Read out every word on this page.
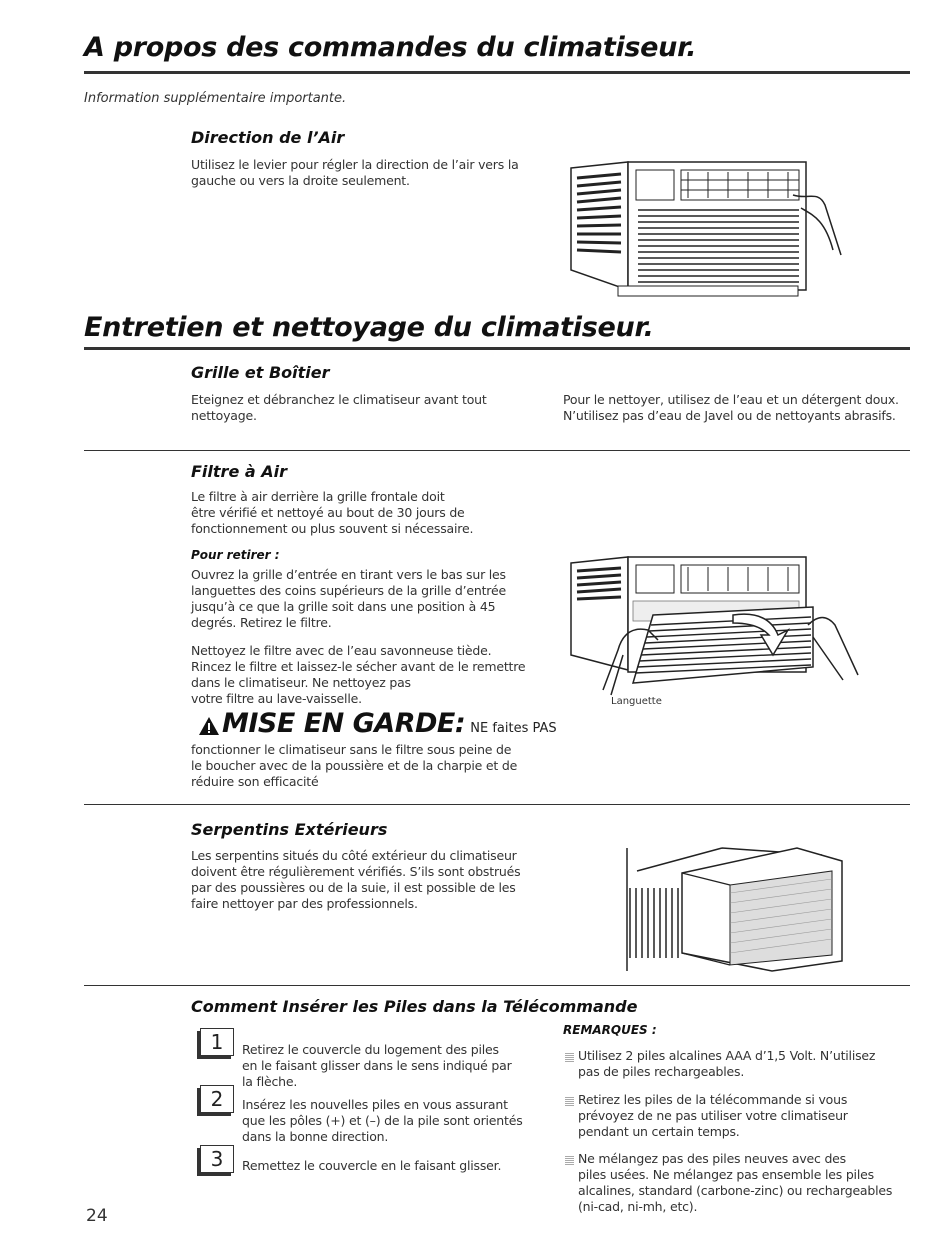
A propos des commandes du climatiseur.
Information supplémentaire importante.
Direction de l’Air
Utilisez le levier pour régler la direction de l’air vers la
gauche ou vers la droite seulement.
Entretien et nettoyage du climatiseur.
Grille et Boîtier
Eteignez et débranchez le climatiseur avant tout
nettoyage.
Pour le nettoyer, utilisez de l’eau et un détergent doux.
N’utilisez pas d’eau de Javel ou de nettoyants abrasifs.
Filtre à Air
Le filtre à air derrière la grille frontale doit
être vérifié et nettoyé au bout de 30 jours de
fonctionnement ou plus souvent si nécessaire.
Pour retirer :
Ouvrez la grille d’entrée en tirant vers le bas sur les
languettes des coins supérieurs de la grille d’entrée
jusqu’à ce que la grille soit dans une position à 45
degrés. Retirez le filtre.
Nettoyez le filtre avec de l’eau savonneuse tiède.
Rincez le filtre et laissez-le sécher avant de le remettre
dans le climatiseur. Ne nettoyez pas
votre filtre au lave-vaisselle.
MISE EN GARDE: NE faites PAS
fonctionner le climatiseur sans le filtre sous peine de
le boucher avec de la poussière et de la charpie et de
réduire son efficacité
Languette
Serpentins Extérieurs
Les serpentins situés du côté extérieur du climatiseur
doivent être régulièrement vérifiés. S’ils sont obstrués
par des poussières ou de la suie, il est possible de les
faire nettoyer par des professionnels.
Comment Insérer les Piles dans la Télécommande
1	Retirez le couvercle du logement des piles
en le faisant glisser dans le sens indiqué par
la flèche.
2	Insérez les nouvelles piles en vous assurant
que les pôles (+) et (–) de la pile sont orientés
dans la bonne direction.
3	Remettez le couvercle en le faisant glisser.
REMARQUES :
Utilisez 2 piles alcalines AAA d’1,5 Volt. N’utilisez
pas de piles rechargeables.
Retirez les piles de la télécommande si vous
prévoyez de ne pas utiliser votre climatiseur
pendant un certain temps.
Ne mélangez pas des piles neuves avec des
piles usées. Ne mélangez pas ensemble les piles
alcalines, standard (carbone-zinc) ou rechargeables
(ni-cad, ni-mh, etc).
24
